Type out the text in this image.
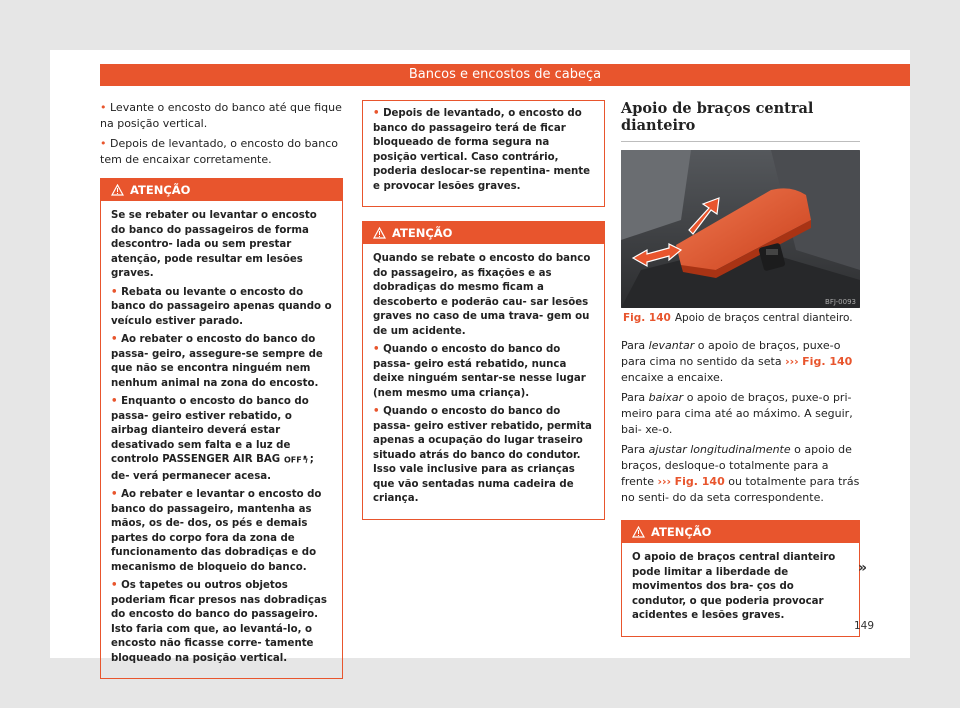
Bancos e encostos de cabeça

• Levante o encosto do banco até que fique na posição vertical.

• Depois de levantado, o encosto do banco tem de encaixar corretamente.

ATENÇÃO

Se se rebater ou levantar o encosto do banco do passageiros de forma descontro- lada ou sem prestar atenção, pode resultar em lesões graves.

• Rebata ou levante o encosto do banco do passageiro apenas quando o veículo estiver parado.

• Ao rebater o encosto do banco do passa- geiro, assegure-se sempre de que não se encontra ninguém nem nenhum animal na zona do encosto.

• Enquanto o encosto do banco do passa- geiro estiver rebatido, o airbag dianteiro deverá estar desativado sem falta e a luz de controlo PASSENGER AIR BAG OFF ; de- verá permanecer acesa.

• Ao rebater e levantar o encosto do banco do passageiro, mantenha as mãos, os de- dos, os pés e demais partes do corpo fora da zona de funcionamento das dobradiças e do mecanismo de bloqueio do banco.

• Os tapetes ou outros objetos poderiam ficar presos nas dobradiças do encosto do banco do passageiro. Isto faria com que, ao levantá-lo, o encosto não ficasse corre- tamente bloqueado na posição vertical.

• Depois de levantado, o encosto do banco do passageiro terá de ficar bloqueado de forma segura na posição vertical. Caso contrário, poderia deslocar-se repentina- mente e provocar lesões graves.

ATENÇÃO

Quando se rebate o encosto do banco do passageiro, as fixações e as dobradiças do mesmo ficam a descoberto e poderão cau- sar lesões graves no caso de uma trava- gem ou de um acidente.

• Quando o encosto do banco do passa- geiro está rebatido, nunca deixe ninguém sentar-se nesse lugar (nem mesmo uma criança).

• Quando o encosto do banco do passa- geiro estiver rebatido, permita apenas a ocupação do lugar traseiro situado atrás do banco do condutor. Isso vale inclusive para as crianças que vão sentadas numa cadeira de criança.

Apoio de braços central dianteiro
BFJ-0093
Fig. 140 Apoio de braços central dianteiro.

Para levantar o apoio de braços, puxe-o para cima no sentido da seta ››› Fig. 140 encaixe a encaixe.

Para baixar o apoio de braços, puxe-o pri- meiro para cima até ao máximo. A seguir, bai- xe-o.

Para ajustar longitudinalmente o apoio de braços, desloque-o totalmente para a frente ››› Fig. 140 ou totalmente para trás no senti- do da seta correspondente.

ATENÇÃO

O apoio de braços central dianteiro pode limitar a liberdade de movimentos dos bra- ços do condutor, o que poderia provocar acidentes e lesões graves.

»
149
